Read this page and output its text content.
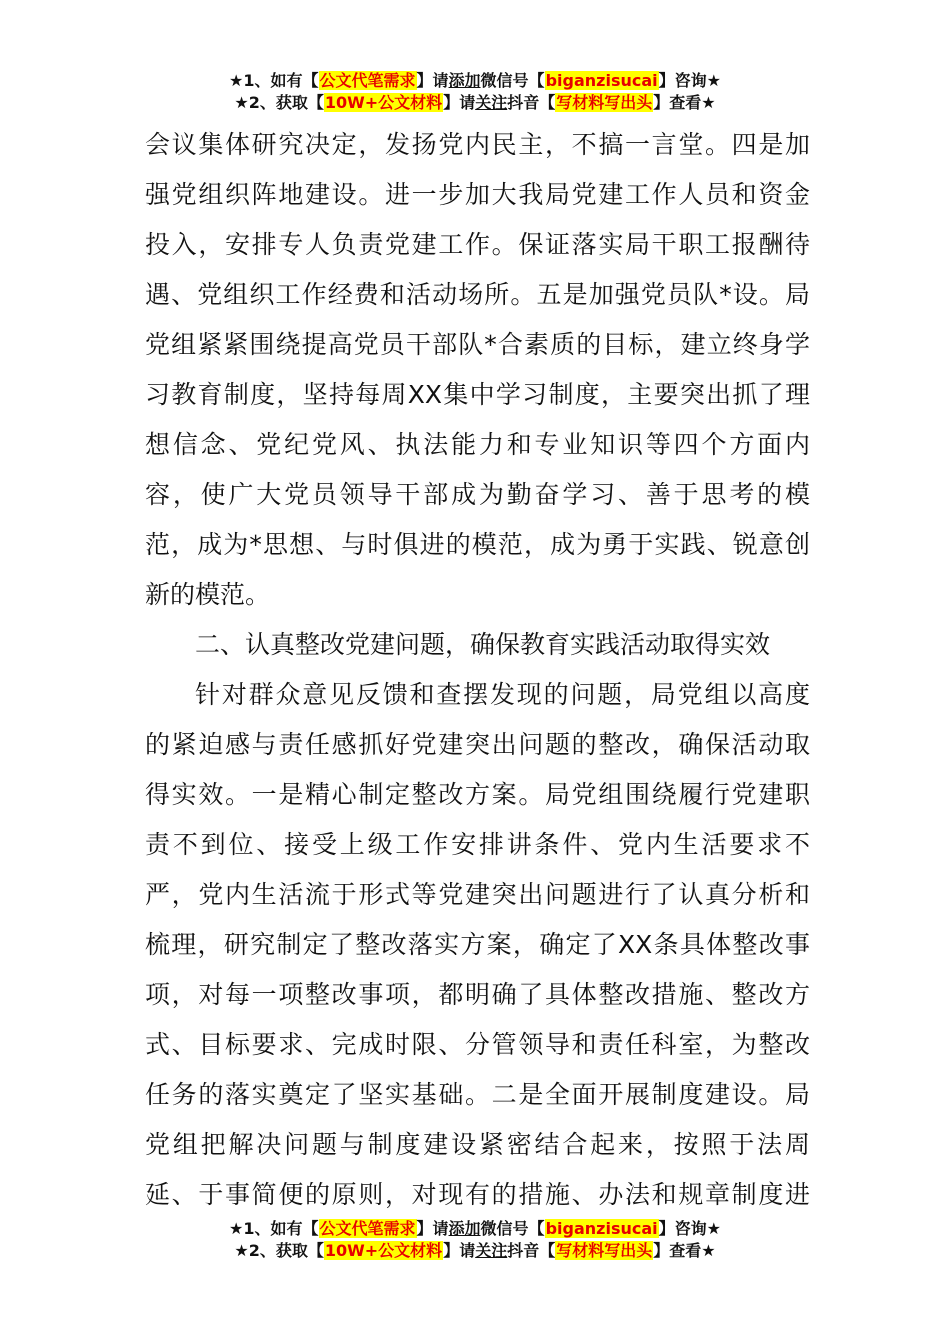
★1、如有【公文代笔需求】请添加微信号【biganzisucai】咨询★
★2、获取【10W+公文材料】请关注抖音【写材料写出头】查看★
会议集体研究决定，发扬党内民主，不搞一言堂。四是加
强党组织阵地建设。进一步加大我局党建工作人员和资金
投入，安排专人负责党建工作。保证落实局干职工报酬待
遇、党组织工作经费和活动场所。五是加强党员队*设。局
党组紧紧围绕提高党员干部队*合素质的目标，建立终身学
习教育制度，坚持每周XX集中学习制度，主要突出抓了理
想信念、党纪党风、执法能力和专业知识等四个方面内
容，使广大党员领导干部成为勤奋学习、善于思考的模
范，成为*思想、与时俱进的模范，成为勇于实践、锐意创
新的模范。
二、认真整改党建问题，确保教育实践活动取得实效
针对群众意见反馈和查摆发现的问题，局党组以高度
的紧迫感与责任感抓好党建突出问题的整改，确保活动取
得实效。一是精心制定整改方案。局党组围绕履行党建职
责不到位、接受上级工作安排讲条件、党内生活要求不
严，党内生活流于形式等党建突出问题进行了认真分析和
梳理，研究制定了整改落实方案，确定了XX条具体整改事
项，对每一项整改事项，都明确了具体整改措施、整改方
式、目标要求、完成时限、分管领导和责任科室，为整改
任务的落实奠定了坚实基础。二是全面开展制度建设。局
党组把解决问题与制度建设紧密结合起来，按照于法周
延、于事简便的原则，对现有的措施、办法和规章制度进
★1、如有【公文代笔需求】请添加微信号【biganzisucai】咨询★
★2、获取【10W+公文材料】请关注抖音【写材料写出头】查看★
